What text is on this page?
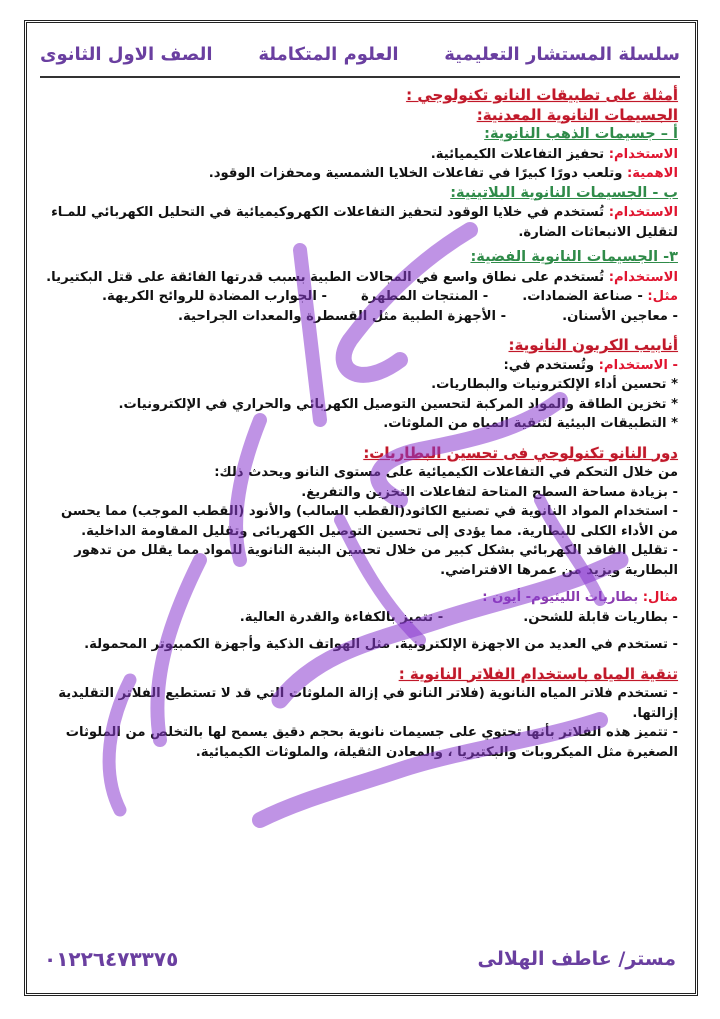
سلسلة المستشار التعليمية
العلوم المتكاملة
الصف الاول الثانوى

أمثلة على تطبيقات النانو تكنولوجي :

الجسيمات النانوية المعدنية:

أ – جسيمات الذهب النانوية:

الاستخدام: تحفيز التفاعلات الكيميائية.

الاهمية: وتلعب دورًا كبيرًا في تفاعلات الخلايا الشمسية ومحفزات الوقود.

ب - الجسيمات النانوية البلاتينية:

الاستخدام: تُستخدم في خلايا الوقود لتحفيز التفاعلات الكهروكيميائية في التحليل الكهربائي للمـاء لتقليل الانبعاثات الضارة.

٣- الجسيمات النانوية الفضية:

الاستخدام: تُستخدم على نطاق واسع في المجالات الطبية بسبب قدرتها الفائقة على قتل البكتيريا.

مثل: - صناعة الضمادات.
- المنتجات المطهرة
- الجوارب المضادة للروائح الكريهة.
- معاجين الأسنان.
- الأجهزة الطبية مثل القسطرة والمعدات الجراحية.

أنابيب الكربون النانوية:

- الاستخدام: وتُستخدم في:

* تحسين أداء الإلكترونيات والبطاريات.

* تخزين الطاقة والمواد المركبة لتحسين التوصيل الكهربائي والحراري في الإلكترونيات.

* التطبيقات البيئية لتنقية المياه من الملوثات.

دور النانو تكنولوجي فى تحسين البطاريات:

من خلال التحكم في التفاعلات الكيميائية على مستوى النانو ويحدث ذلك:

- بزيادة مساحة السطح المتاحة لتفاعلات التخزين والتفريغ.

- استخدام المواد النانوية في تصنيع الكاثود(القطب السالب) والأنود (القطب الموجب) مما يحسن من الأداء الكلى للبطارية. مما يؤدى إلى تحسين التوصيل الكهربائى وتقليل المقاومة الداخلية.

- تقليل الفاقد الكهربائي بشكل كبير من خلال تحسين البنية النانوية للمواد مما يقلل من تدهور البطارية ويزيد من عمرها الافتراضي.

مثال: بطاريات الليثيوم- أيون :

- بطاريات قابلة للشحن.
- تتميز بالكفاءة والقدرة العالية.

- تستخدم في العديد من الاجهزة الإلكترونية. مثل الهواتف الذكية وأجهزة الكمبيوتر المحمولة.

تنقية المياه باستخدام الفلاتر النانوية :

- تستخدم فلاتر المياه النانوية (فلاتر النانو في إزالة الملوثات التي قد لا تستطيع الفلاتر التقليدية إزالتها.

- تتميز هذه الفلاتر بأنها تحتوي على جسيمات نانوية بحجم دقيق يسمح لها بالتخلص من الملوثات الصغيرة مثل الميكروبات والبكتيريا ، والمعادن الثقيلة، والملوثات الكيميائية.

مستر/ عاطف الهلالى
٠١٢٢٦٤٧٣٣٧٥
